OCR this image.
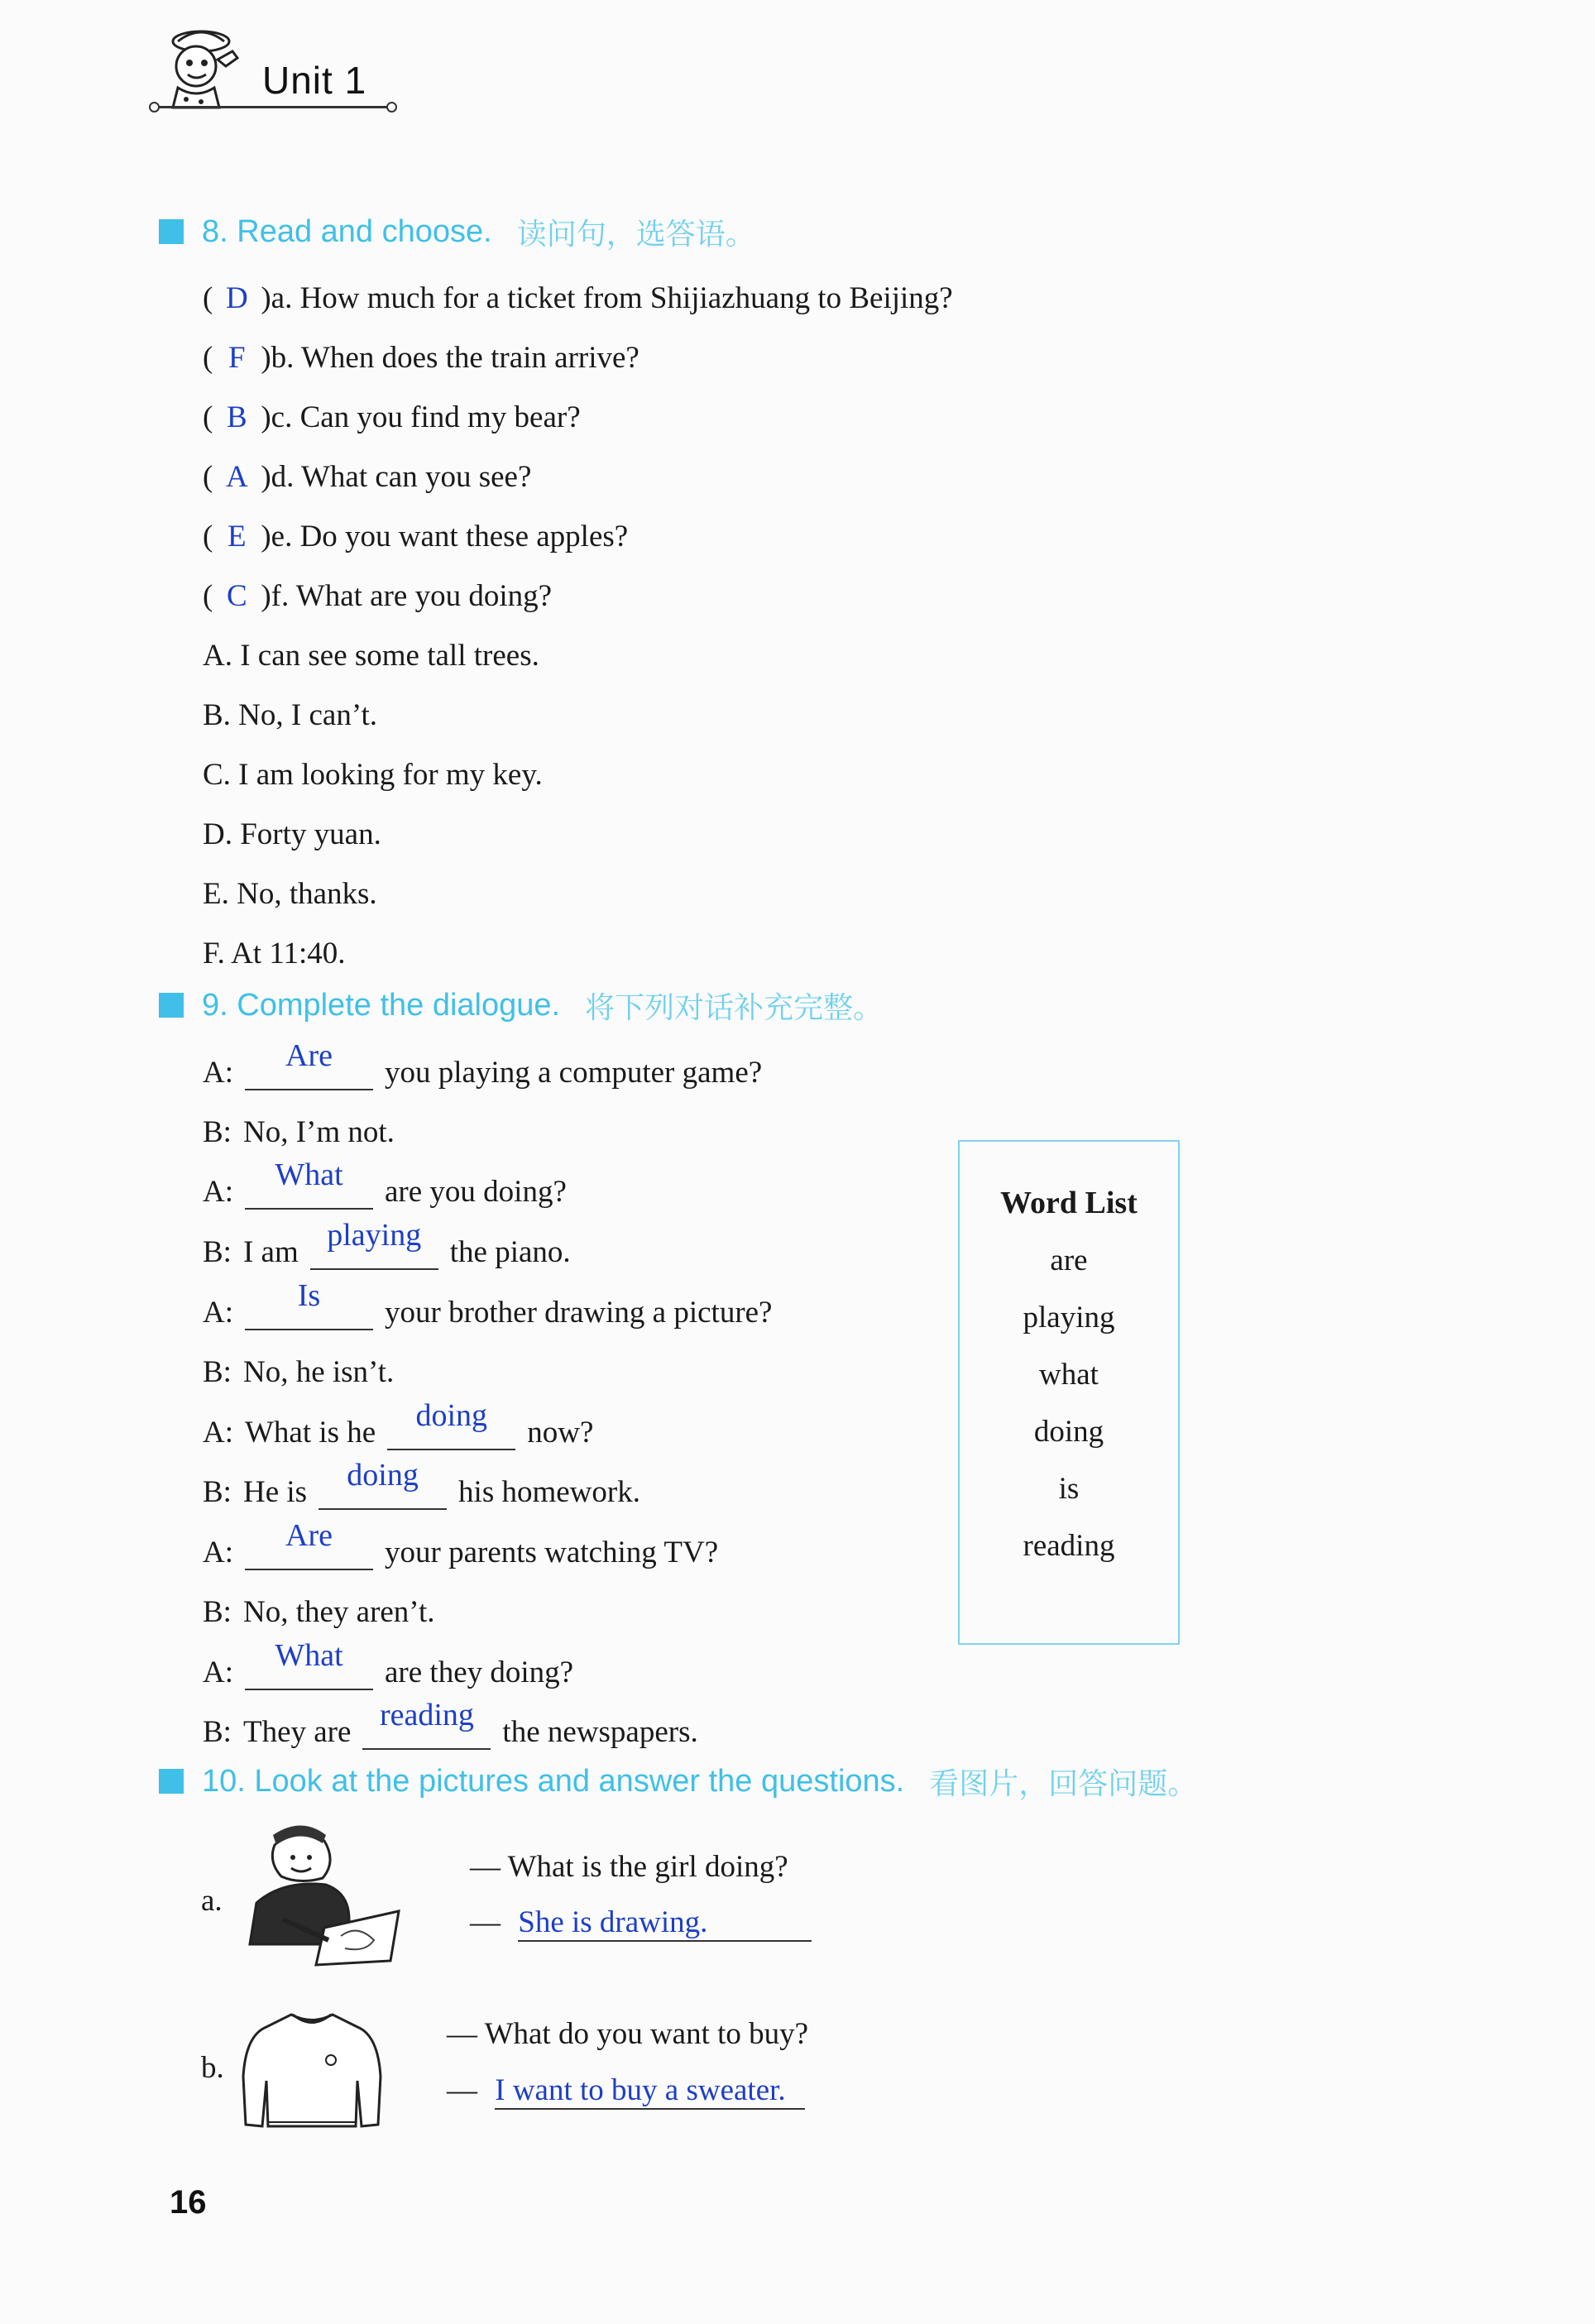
Unit 1
8. Read and choose. 读问句，选答语。
( D )a. How much for a ticket from Shijiazhuang to Beijing?
( F )b. When does the train arrive?
( B )c. Can you find my bear?
( A )d. What can you see?
( E )e. Do you want these apples?
( C )f. What are you doing?
A. I can see some tall trees.
B. No, I can’t.
C. I am looking for my key.
D. Forty yuan.
E. No, thanks.
F. At 11:40.
9. Complete the dialogue. 将下列对话补充完整。
A:	Are	you playing a computer game?
B: No, I’m not.
A:	What	are you doing?
B: I am playing the piano.
A:	Is	your brother drawing a picture?
B: No, he isn’t.
A: What is he	doing	now?
B: He is	doing	his homework.
A:	Are	your parents watching TV?
B: No, they aren’t.
A:	What	are they doing?
B: They are reading the newspapers.
Word List
are
playing
what
doing
is
reading
10. Look at the pictures and answer the questions. 看图片，回答问题。
a.
— What is the girl doing?
— She is drawing.
b.
— What do you want to buy?
— I want to buy a sweater.
16
